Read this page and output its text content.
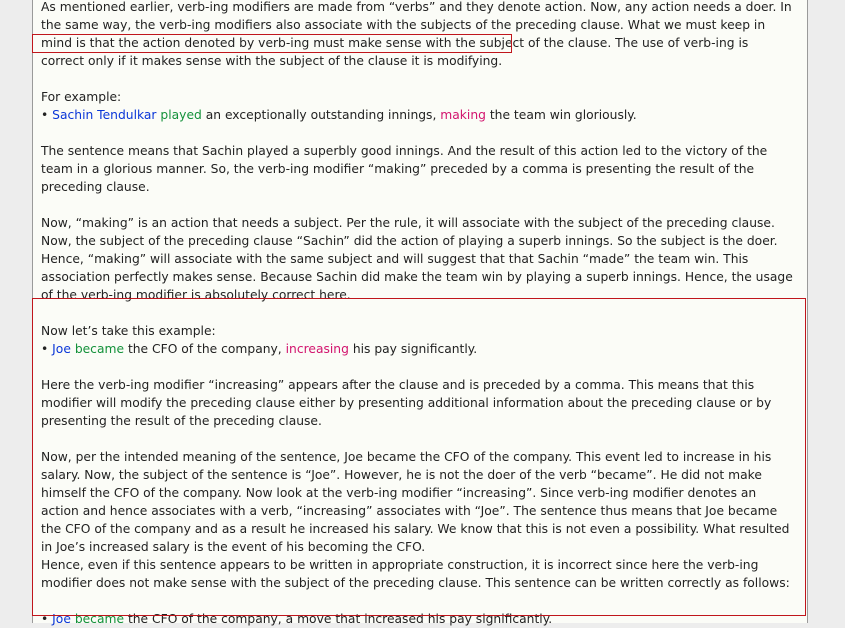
As mentioned earlier, verb-ing modifiers are made from “verbs” and they denote action. Now, any action needs a doer. In the same way, the verb-ing modifiers also associate with the subjects of the preceding clause. What we must keep in mind is that the action denoted by verb-ing must make sense with the subject of the clause. The use of verb-ing is correct only if it makes sense with the subject of the clause it is modifying.

For example:

• Sachin Tendulkar played an exceptionally outstanding innings, making the team win gloriously.

The sentence means that Sachin played a superbly good innings. And the result of this action led to the victory of the team in a glorious manner. So, the verb-ing modifier “making” preceded by a comma is presenting the result of the preceding clause.

Now, “making” is an action that needs a subject. Per the rule, it will associate with the subject of the preceding clause. Now, the subject of the preceding clause “Sachin” did the action of playing a superb innings. So the subject is the doer. Hence, “making” will associate with the same subject and will suggest that that Sachin “made” the team win. This association perfectly makes sense. Because Sachin did make the team win by playing a superb innings. Hence, the usage of the verb-ing modifier is absolutely correct here.

Now let’s take this example:

• Joe became the CFO of the company, increasing his pay significantly.

Here the verb-ing modifier “increasing” appears after the clause and is preceded by a comma. This means that this modifier will modify the preceding clause either by presenting additional information about the preceding clause or by presenting the result of the preceding clause.

Now, per the intended meaning of the sentence, Joe became the CFO of the company. This event led to increase in his salary. Now, the subject of the sentence is “Joe”. However, he is not the doer of the verb “became”. He did not make himself the CFO of the company. Now look at the verb-ing modifier “increasing”. Since verb-ing modifier denotes an action and hence associates with a verb, “increasing” associates with “Joe”. The sentence thus means that Joe became the CFO of the company and as a result he increased his salary. We know that this is not even a possibility. What resulted in Joe’s increased salary is the event of his becoming the CFO.

Hence, even if this sentence appears to be written in appropriate construction, it is incorrect since here the verb-ing modifier does not make sense with the subject of the preceding clause. This sentence can be written correctly as follows:

• Joe became the CFO of the company, a move that increased his pay significantly.
